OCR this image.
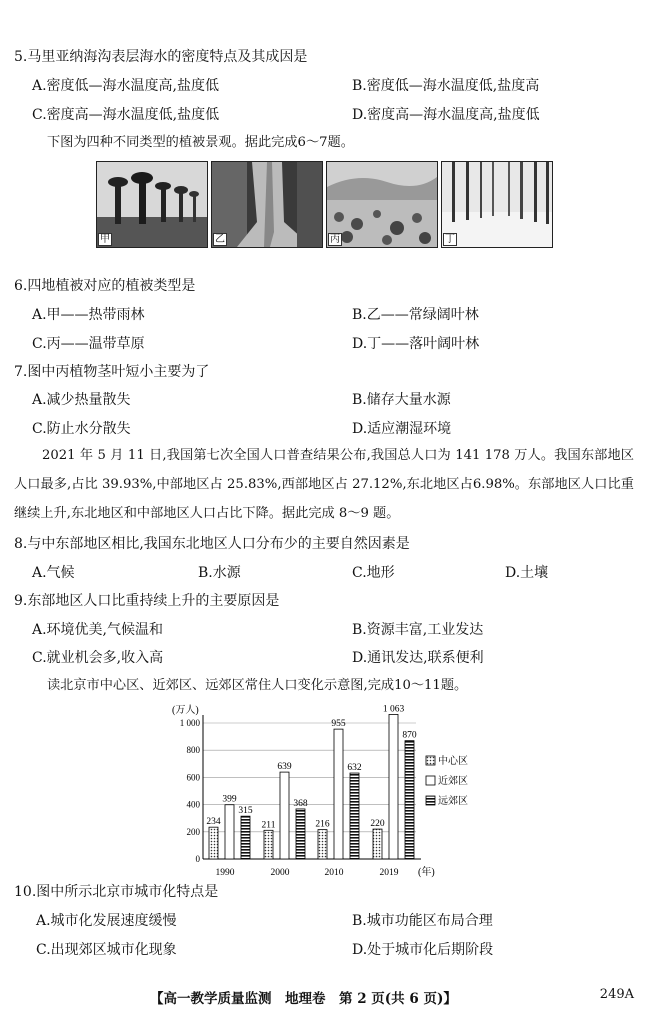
5.马里亚纳海沟表层海水的密度特点及其成因是
A.密度低—海水温度高,盐度低	B.密度低—海水温度低,盐度高
C.密度高—海水温度低,盐度低	D.密度高—海水温度高,盐度低
下图为四种不同类型的植被景观。据此完成6～7题。
甲	乙	丙	丁
6.四地植被对应的植被类型是
A.甲——热带雨林	B.乙——常绿阔叶林
C.丙——温带草原	D.丁——落叶阔叶林
7.图中丙植物茎叶短小主要为了
A.减少热量散失	B.储存大量水源
C.防止水分散失	D.适应潮湿环境
2021 年 5 月 11 日,我国第七次全国人口普查结果公布,我国总人口为 141 178 万人。我国东部地区人口最多,占比 39.93%,中部地区占 25.83%,西部地区占 27.12%,东北地区占6.98%。东部地区人口比重继续上升,东北地区和中部地区人口占比下降。据此完成 8～9 题。
8.与中东部地区相比,我国东北地区人口分布少的主要自然因素是
A.气候	B.水源	C.地形	D.土壤
9.东部地区人口比重持续上升的主要原因是
A.环境优美,气候温和	B.资源丰富,工业发达
C.就业机会多,收入高	D.通讯发达,联系便利
读北京市中心区、近郊区、远郊区常住人口变化示意图,完成10～11题。
0
200
400
600
800
1 000
(万人)
(年)
234
399
315
1990
211
639
368
2000
216
955
632
2010
220
1 063
870
2019
中心区
近郊区
远郊区
10.图中所示北京市城市化特点是
A.城市化发展速度缓慢	B.城市功能区布局合理
C.出现郊区城市化现象	D.处于城市化后期阶段
【高一教学质量监测　地理卷　第 2 页(共 6 页)】	249A
